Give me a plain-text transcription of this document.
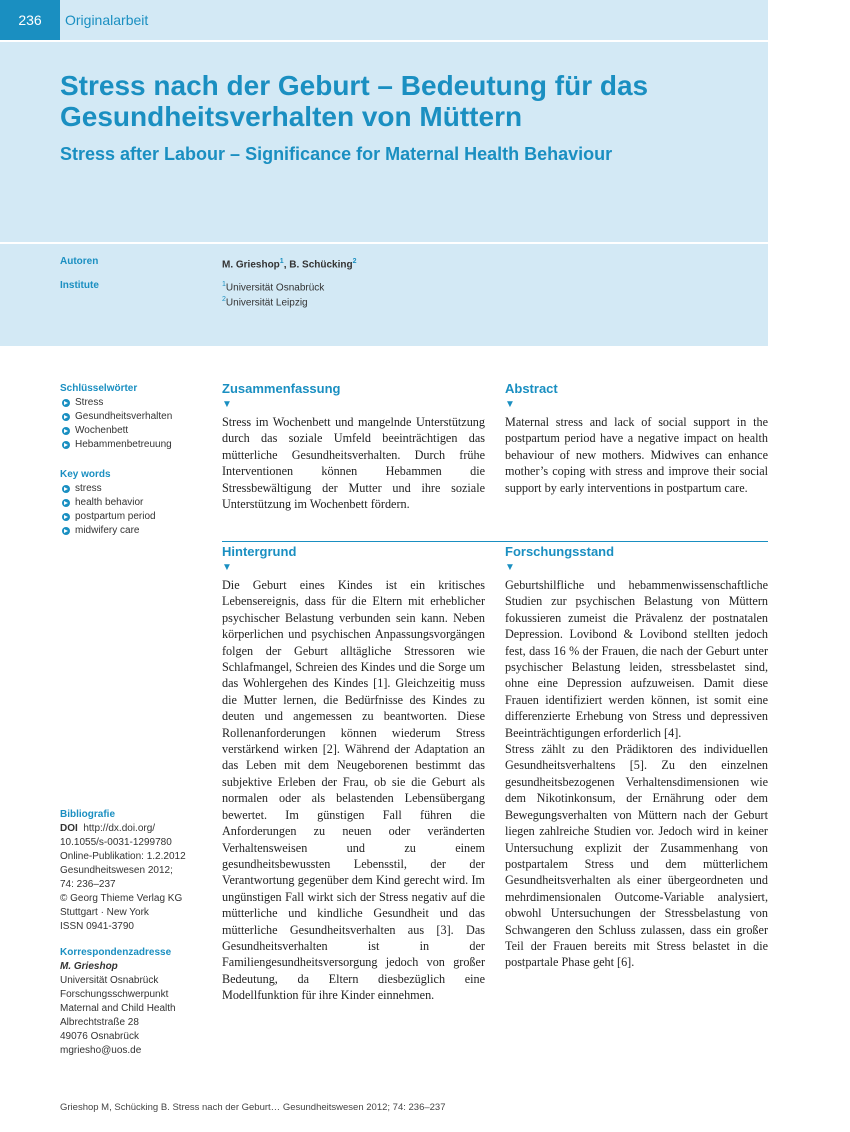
236	Originalarbeit
Stress nach der Geburt – Bedeutung für das Gesundheitsverhalten von Müttern
Stress after Labour – Significance for Maternal Health Behaviour
Autoren	M. Grieshop$^1$, B. Schücking$^2$
Institute	$^1$Universität Osnabrück
$^2$Universität Leipzig
Schlüsselwörter
Stress
Gesundheitsverhalten
Wochenbett
Hebammenbetreuung
Key words
stress
health behavior
postpartum period
midwifery care
Bibliografie
DOI http://dx.doi.org/
10.1055/s-0031-1299780
Online-Publikation: 1.2.2012
Gesundheitswesen 2012;
74: 236–237
© Georg Thieme Verlag KG
Stuttgart · New York
ISSN 0941-3790
Korrespondenzadresse
M. Grieshop
Universität Osnabrück
Forschungsschwerpunkt
Maternal and Child Health
Albrechtstraße 28
49076 Osnabrück
mgriesho@uos.de
Zusammenfassung
▼
Stress im Wochenbett und mangelnde Unterstützung durch das soziale Umfeld beeinträchtigen das mütterliche Gesundheitsverhalten. Durch frühe Interventionen können Hebammen die Stressbewältigung der Mutter und ihre soziale Unterstützung im Wochenbett fördern.
Abstract
▼
Maternal stress and lack of social support in the postpartum period have a negative impact on health behaviour of new mothers. Midwives can enhance mother’s coping with stress and improve their social support by early interventions in postpartum care.
Hintergrund
▼
Die Geburt eines Kindes ist ein kritisches Lebensereignis, dass für die Eltern mit erheblicher psychischer Belastung verbunden sein kann. Neben körperlichen und psychischen Anpassungsvorgängen folgen der Geburt alltägliche Stressoren wie Schlafmangel, Schreien des Kindes und die Sorge um das Wohlergehen des Kindes [1]. Gleichzeitig muss die Mutter lernen, die Bedürfnisse des Kindes zu deuten und angemessen zu beantworten. Diese Rollenanforderungen können wiederum Stress verstärkend wirken [2]. Während der Adaptation an das Leben mit dem Neugeborenen bestimmt das subjektive Erleben der Frau, ob sie die Geburt als normalen oder als belastenden Lebensübergang bewertet. Im günstigen Fall führen die Anforderungen zu neuen oder veränderten Verhaltensweisen und zu einem gesundheitsbewussten Lebensstil, der der Verantwortung gegenüber dem Kind gerecht wird. Im ungünstigen Fall wirkt sich der Stress negativ auf die mütterliche und kindliche Gesundheit und das mütterliche Gesundheitsverhalten aus [3]. Das Gesundheitsverhalten ist in der Familiengesundheitsversorgung jedoch von großer Bedeutung, da Eltern diesbezüglich eine Modellfunktion für ihre Kinder einnehmen.
Forschungsstand
▼
Geburtshilfliche und hebammenwissenschaftliche Studien zur psychischen Belastung von Müttern fokussieren zumeist die Prävalenz der postnatalen Depression. Lovibond & Lovibond stellten jedoch fest, dass 16 % der Frauen, die nach der Geburt unter psychischer Belastung leiden, stressbelastet sind, ohne eine Depression aufzuweisen. Damit diese Frauen identifiziert werden können, ist somit eine differenzierte Erhebung von Stress und depressiven Beeinträchtigungen erforderlich [4].
Stress zählt zu den Prädiktoren des individuellen Gesundheitsverhaltens [5]. Zu den einzelnen gesundheitsbezogenen Verhaltensdimensionen wie dem Nikotinkonsum, der Ernährung oder dem Bewegungsverhalten von Müttern nach der Geburt liegen zahlreiche Studien vor. Jedoch wird in keiner Untersuchung explizit der Zusammenhang von postpartalem Stress und dem mütterlichem Gesundheitsverhalten als einer übergeordneten und mehrdimensionalen Outcome-Variable analysiert, obwohl Untersuchungen der Stressbelastung von Schwangeren den Schluss zulassen, dass ein großer Teil der Frauen bereits mit Stress belastet in die postpartale Phase geht [6].
Grieshop M, Schücking B. Stress nach der Geburt… Gesundheitswesen 2012; 74: 236–237
